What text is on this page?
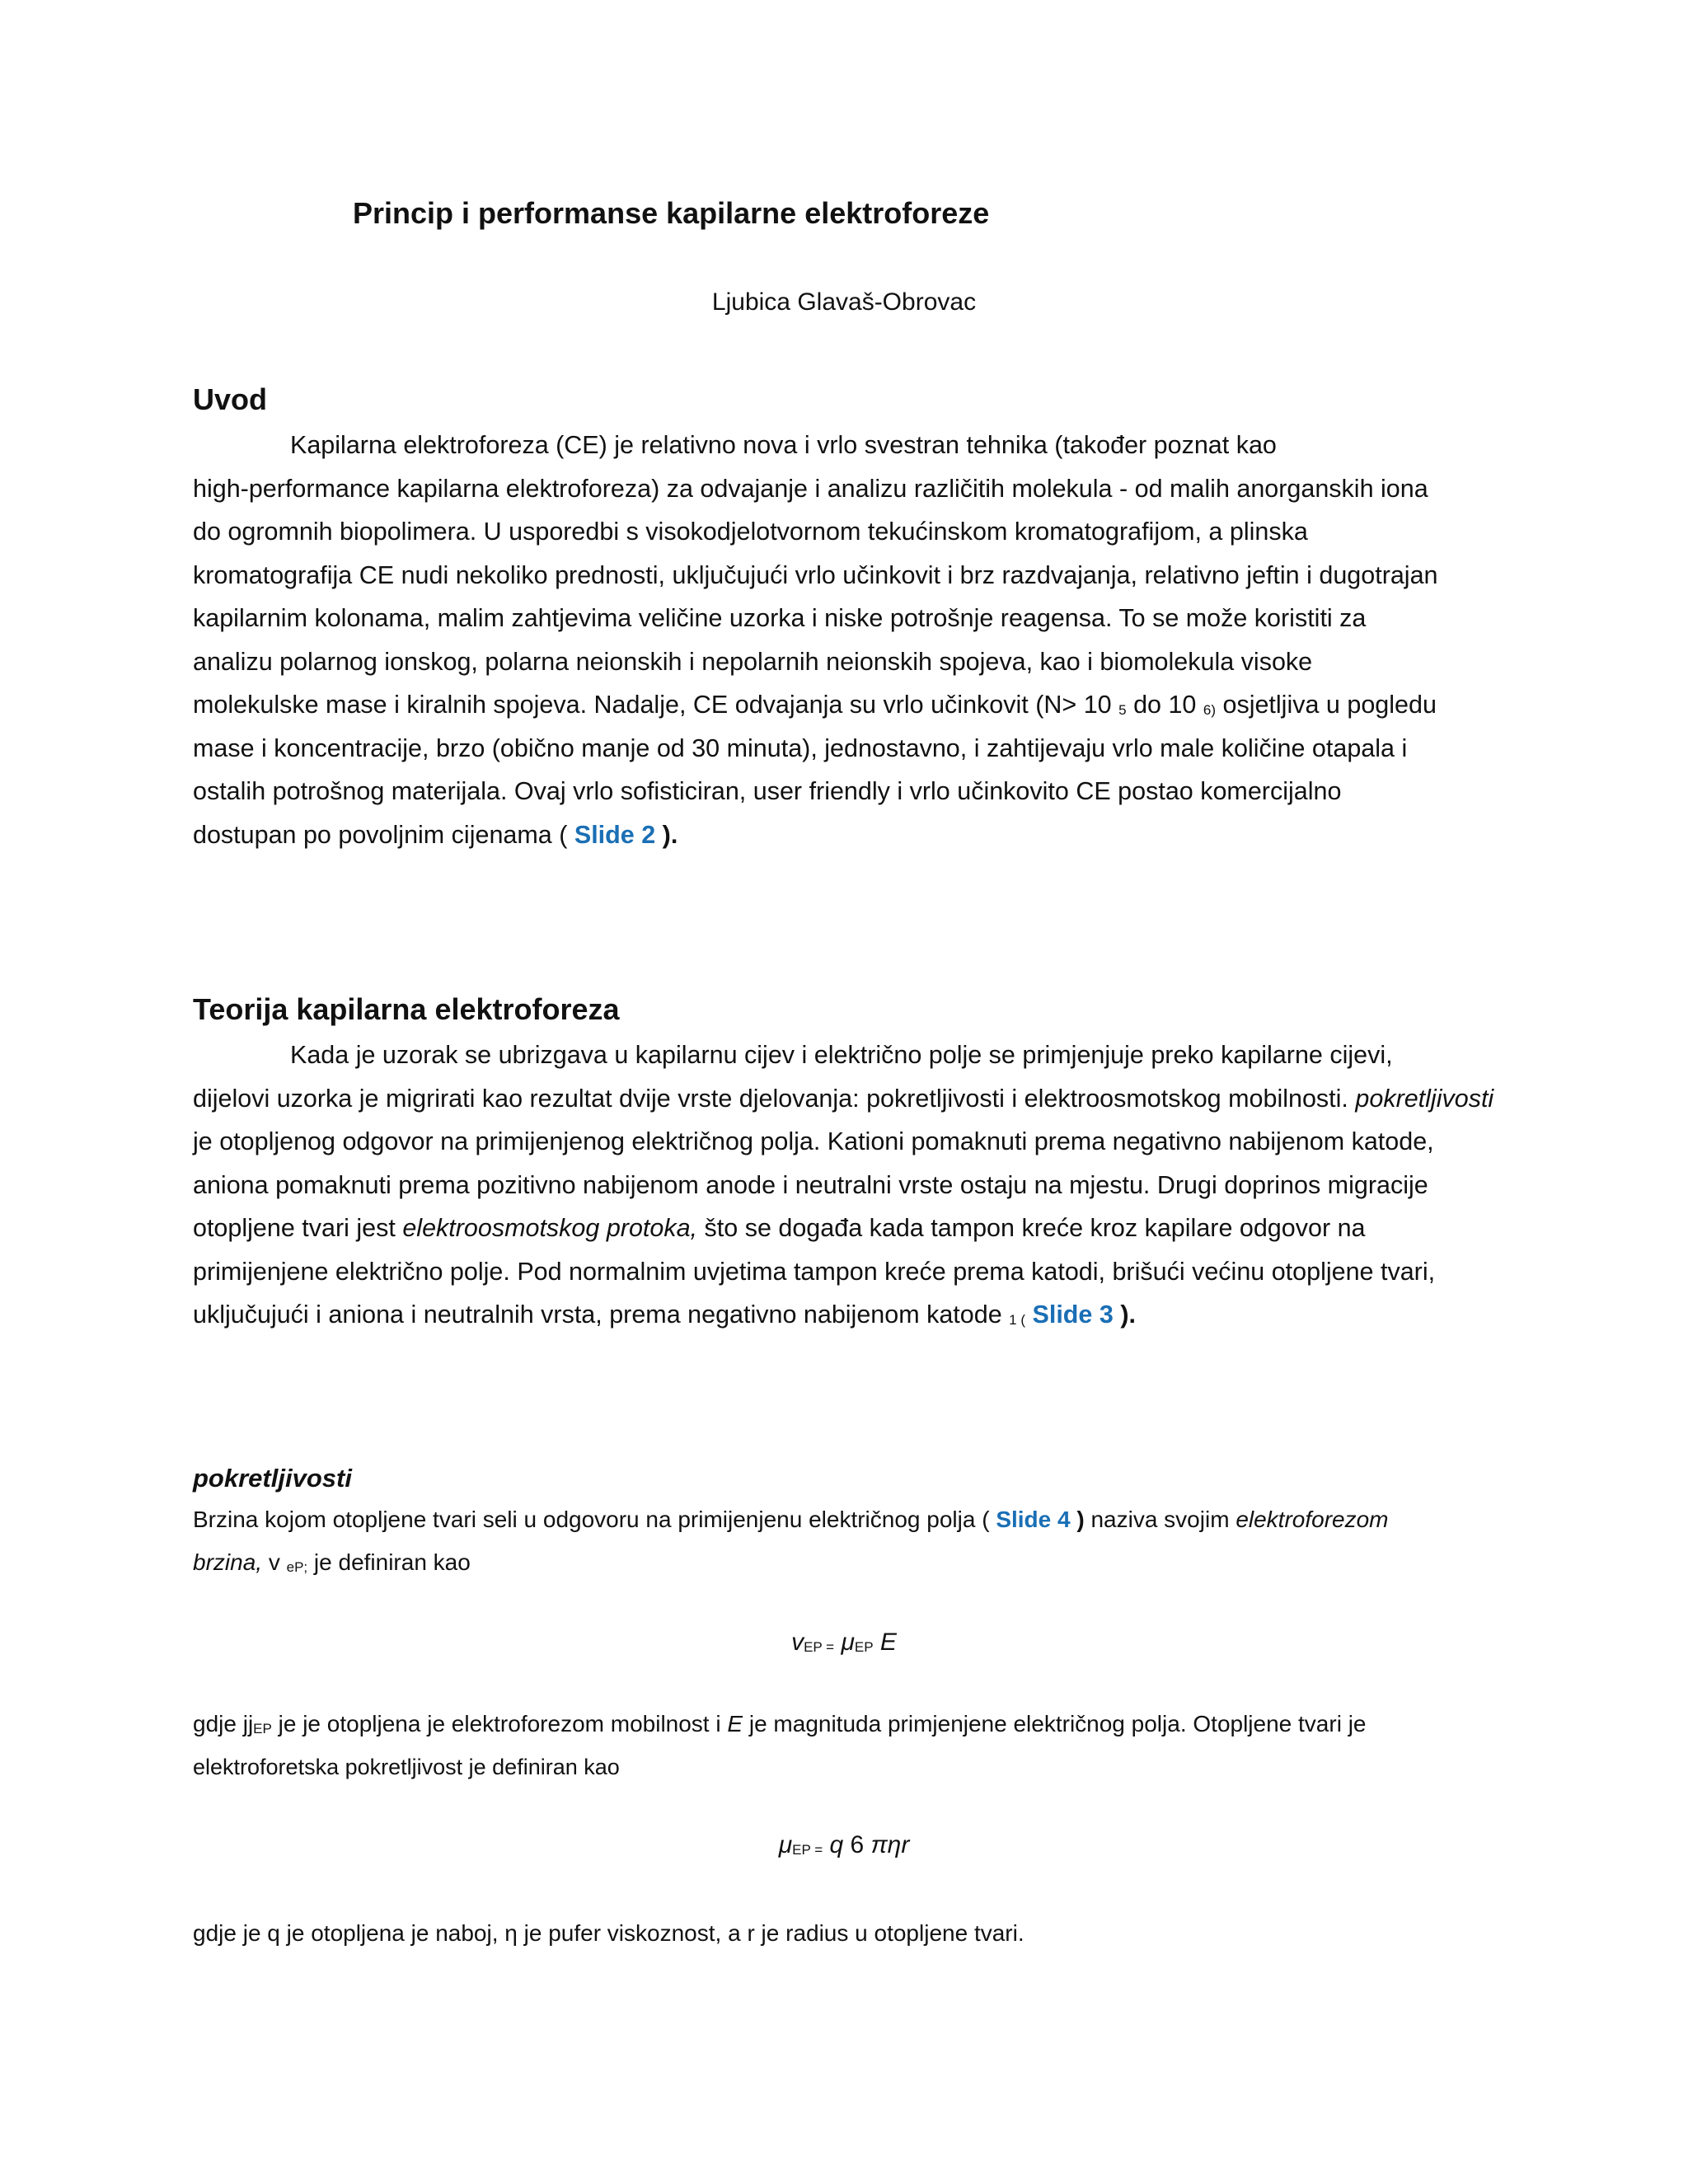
Princip i performanse kapilarne elektroforeze
Ljubica Glavaš-Obrovac
Uvod
Kapilarna elektroforeza (CE) je relativno nova i vrlo svestran tehnika (također poznat kao
high-performance kapilarna elektroforeza) za odvajanje i analizu različitih molekula - od malih anorganskih iona
do ogromnih biopolimera. U usporedbi s visokodjelotvornom tekućinskom kromatografijom, a plinska
kromatografija CE nudi nekoliko prednosti, uključujući vrlo učinkovit i brz razdvajanja, relativno jeftin i dugotrajan
kapilarnim kolonama, malim zahtjevima veličine uzorka i niske potrošnje reagensa. To se može koristiti za
analizu polarnog ionskog, polarna neionskih i nepolarnih neionskih spojeva, kao i biomolekula visoke
molekulske mase i kiralnih spojeva. Nadalje, CE odvajanja su vrlo učinkovit (N> 10 5 do 10 6) osjetljiva u pogledu
mase i koncentracije, brzo (obično manje od 30 minuta), jednostavno, i zahtijevaju vrlo male količine otapala i
ostalih potrošnog materijala. Ovaj vrlo sofisticiran, user friendly i vrlo učinkovito CE postao komercijalno
dostupan po povoljnim cijenama ( Slide 2 ).
Teorija kapilarna elektroforeza
Kada je uzorak se ubrizgava u kapilarnu cijev i električno polje se primjenjuje preko kapilarne cijevi,
dijelovi uzorka je migrirati kao rezultat dvije vrste djelovanja: pokretljivosti i elektroosmotskog mobilnosti. pokretljivosti
je otopljenog odgovor na primijenjenog električnog polja. Kationi pomaknuti prema negativno nabijenom katode,
aniona pomaknuti prema pozitivno nabijenom anode i neutralni vrste ostaju na mjestu. Drugi doprinos migracije
otopljene tvari jest elektroosmotskog protoka, što se događa kada tampon kreće kroz kapilare odgovor na
primijenjene električno polje. Pod normalnim uvjetima tampon kreće prema katodi, brišući većinu otopljene tvari,
uključujući i aniona i neutralnih vrsta, prema negativno nabijenom katode 1 ( Slide 3 ).
pokretljivosti
Brzina kojom otopljene tvari seli u odgovoru na primijenjenu električnog polja ( Slide 4 ) naziva svojim elektroforezom
brzina, v eP; je definiran kao
vEP = μEP E
gdje jjEP je je otopljena je elektroforezom mobilnost i E je magnituda primjenjene električnog polja. Otopljene tvari je
elektroforetska pokretljivost je definiran kao
μEP = q 6 πηr
gdje je q je otopljena je naboj, η je pufer viskoznost, a r je radius u otopljene tvari.
